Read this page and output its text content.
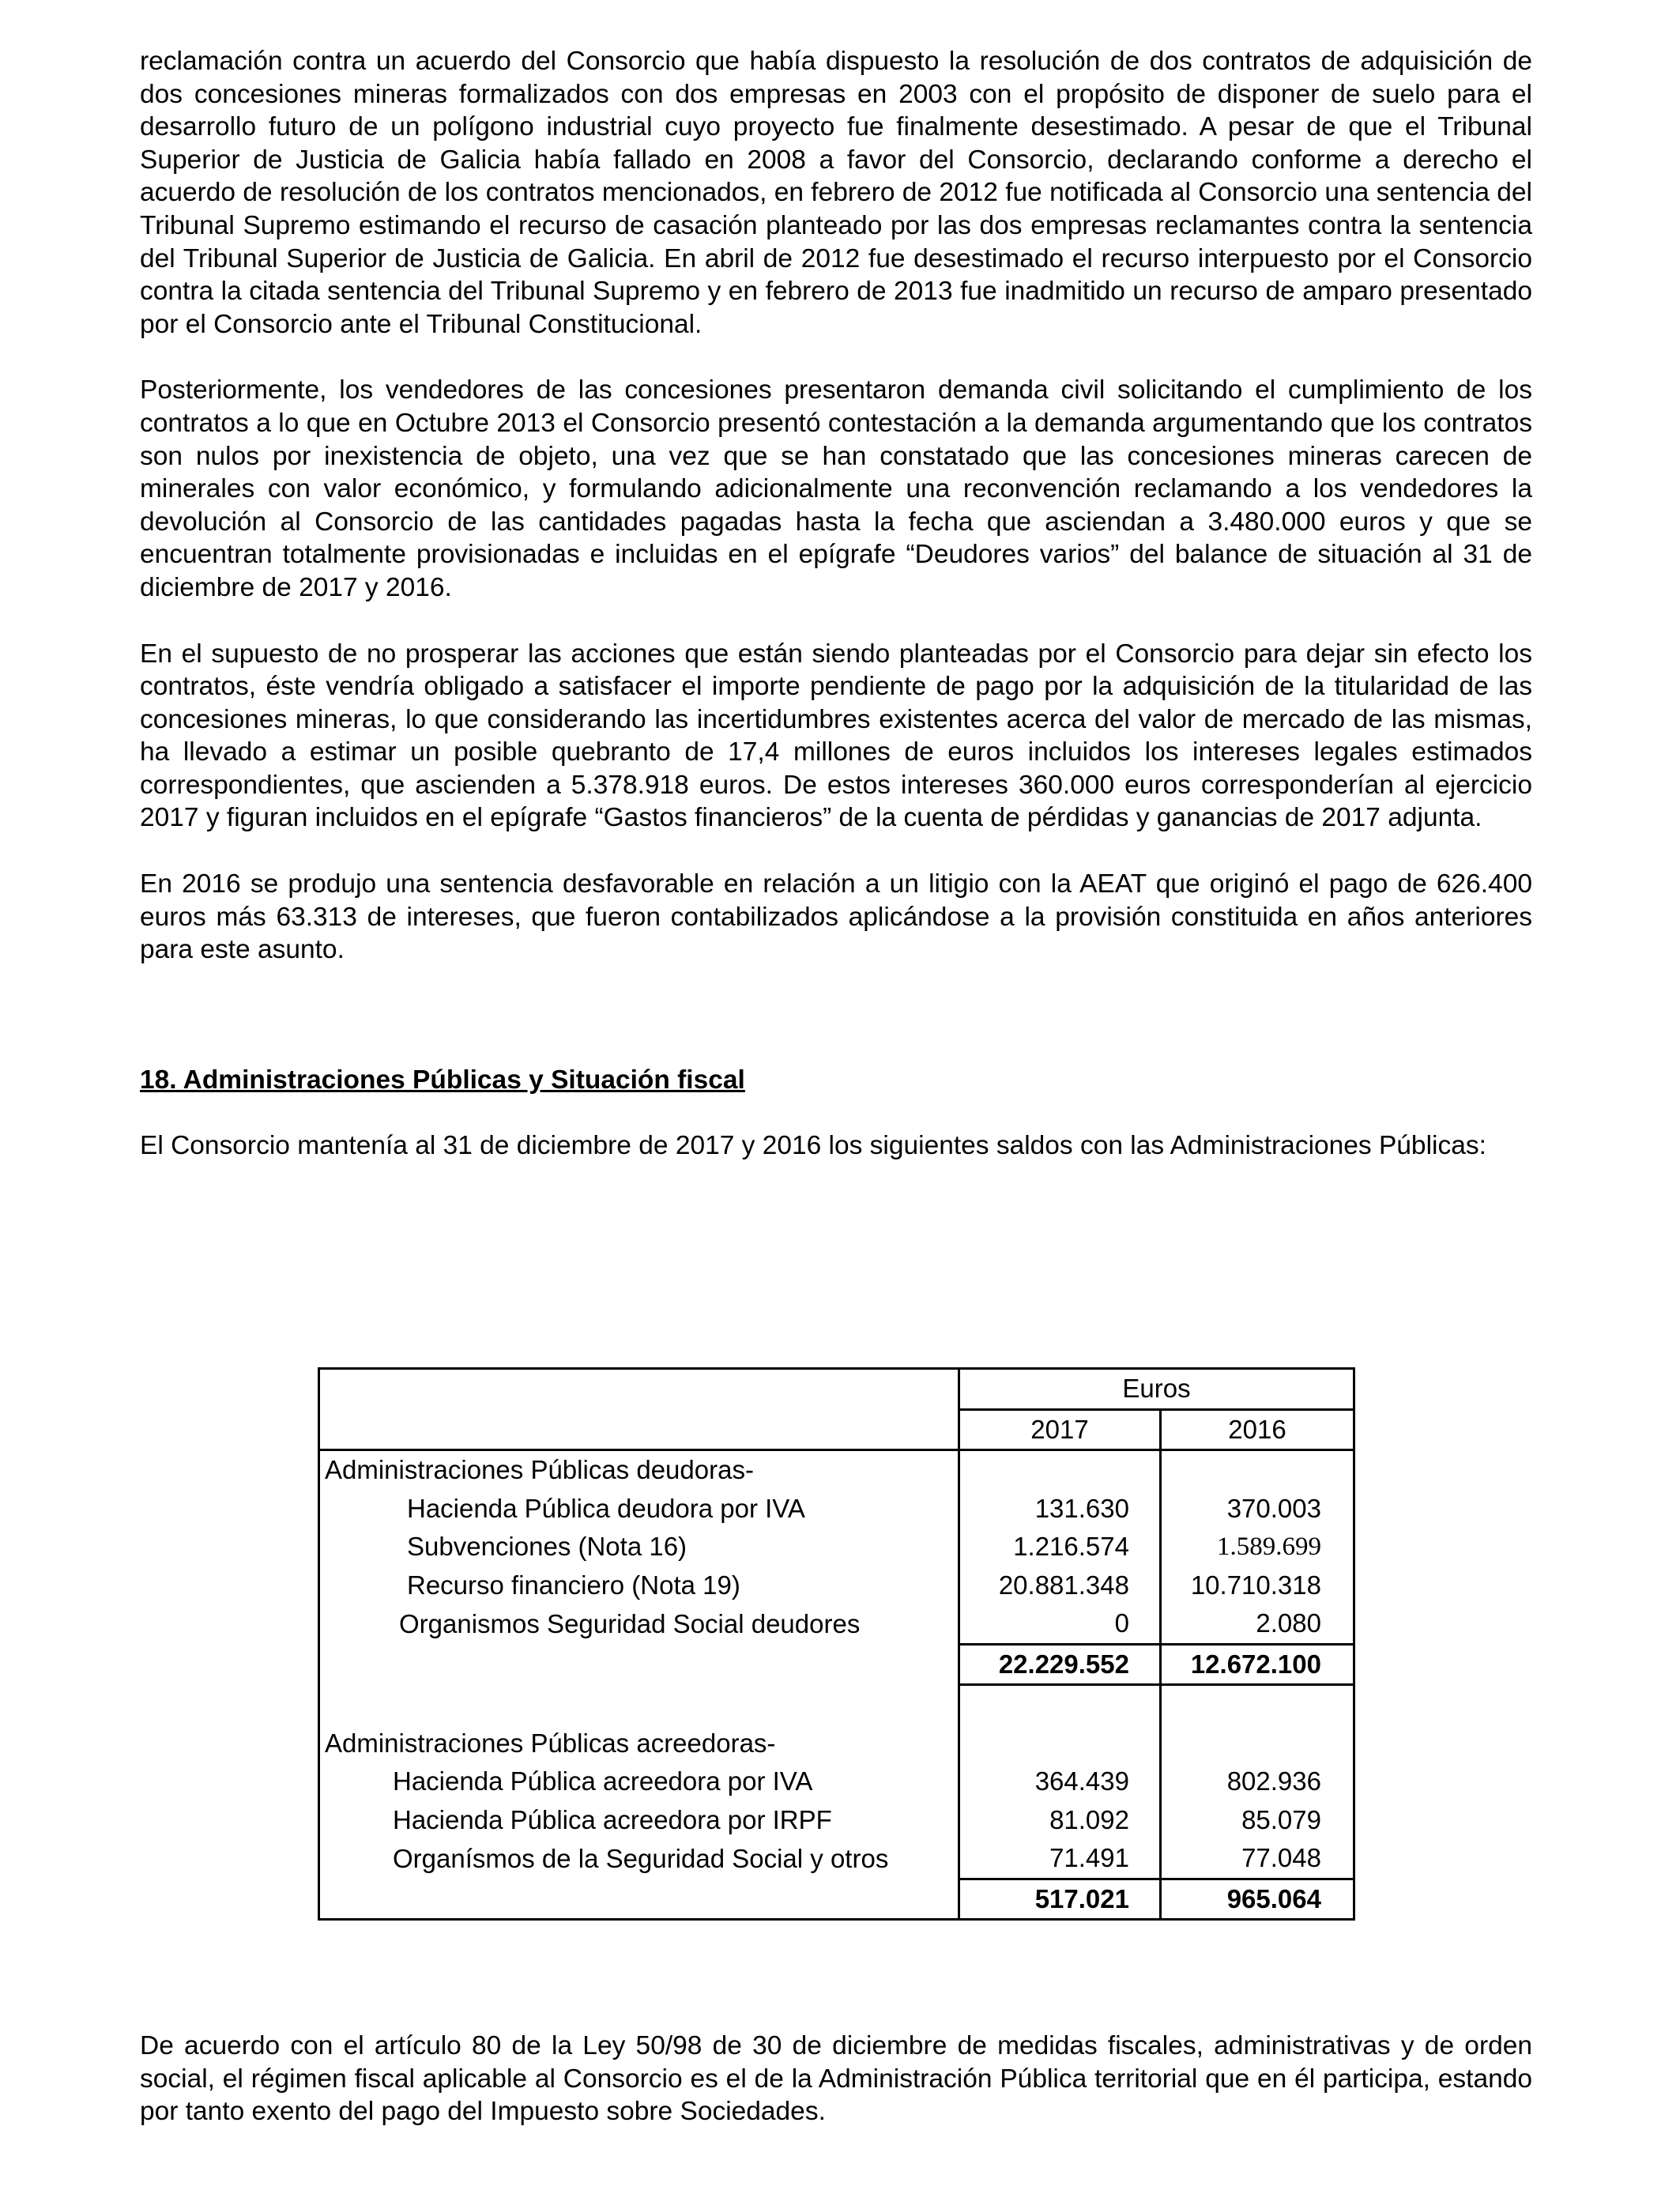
reclamación contra un acuerdo del Consorcio que había dispuesto la resolución de dos contratos de adquisición de dos concesiones mineras formalizados con dos empresas en 2003 con el propósito de disponer de suelo para el desarrollo futuro de un polígono industrial cuyo proyecto fue finalmente desestimado. A pesar de que el Tribunal Superior de Justicia de Galicia había fallado en 2008 a favor del Consorcio, declarando conforme a derecho el acuerdo de resolución de los contratos mencionados, en febrero de 2012 fue notificada al Consorcio una sentencia del Tribunal Supremo estimando el recurso de casación planteado por las dos empresas reclamantes contra la sentencia del Tribunal Superior de Justicia de Galicia. En abril de 2012 fue desestimado el recurso interpuesto por el Consorcio contra la citada sentencia del Tribunal Supremo y en febrero de 2013 fue inadmitido un recurso de amparo presentado por el Consorcio ante el Tribunal Constitucional.

Posteriormente, los vendedores de las concesiones presentaron demanda civil solicitando el cumplimiento de los contratos a lo que en Octubre 2013 el Consorcio presentó contestación a la demanda argumentando que los contratos son nulos por inexistencia de objeto, una vez que se han constatado que las concesiones mineras carecen de minerales con valor económico, y formulando adicionalmente una reconvención reclamando a los vendedores la devolución al Consorcio de las cantidades pagadas hasta la fecha que asciendan a 3.480.000 euros y que se encuentran totalmente provisionadas e incluidas en el epígrafe “Deudores varios” del balance de situación al 31 de diciembre de 2017 y 2016.

En el supuesto de no prosperar las acciones que están siendo planteadas por el Consorcio para dejar sin efecto los contratos, éste vendría obligado a satisfacer el importe pendiente de pago por la adquisición de la titularidad de las concesiones mineras, lo que considerando las incertidumbres existentes acerca del valor de mercado de las mismas, ha llevado a estimar un posible quebranto de 17,4 millones de euros incluidos los intereses legales estimados correspondientes, que ascienden a 5.378.918 euros. De estos intereses 360.000 euros corresponderían al ejercicio 2017 y figuran incluidos en el epígrafe “Gastos financieros” de la cuenta de pérdidas y ganancias de 2017 adjunta.

En 2016 se produjo una sentencia desfavorable en relación a un litigio con la AEAT que originó el pago de 626.400 euros más 63.313 de intereses, que fueron contabilizados aplicándose a la provisión constituida en años anteriores para este asunto.

18. Administraciones Públicas y Situación fiscal

El Consorcio mantenía al 31 de diciembre de 2017 y 2016 los siguientes saldos con las Administraciones Públicas:

	Euros	
	2017	2016
Administraciones Públicas deudoras-		
Hacienda Pública deudora por IVA	131.630	370.003
Subvenciones (Nota 16)	1.216.574	1.589.699
Recurso financiero (Nota 19)	20.881.348	10.710.318
Organismos Seguridad Social deudores	0	2.080
	22.229.552	12.672.100

Administraciones Públicas acreedoras-		
Hacienda Pública acreedora por IVA	364.439	802.936
Hacienda Pública acreedora por IRPF	81.092	85.079
Organísmos de la Seguridad Social y otros	71.491	77.048
	517.021	965.064

De acuerdo con el artículo 80 de la Ley 50/98 de 30 de diciembre de medidas fiscales, administrativas y de orden social, el régimen fiscal aplicable al Consorcio es el de la Administración Pública territorial que en él participa, estando por tanto exento del pago del Impuesto sobre Sociedades.
